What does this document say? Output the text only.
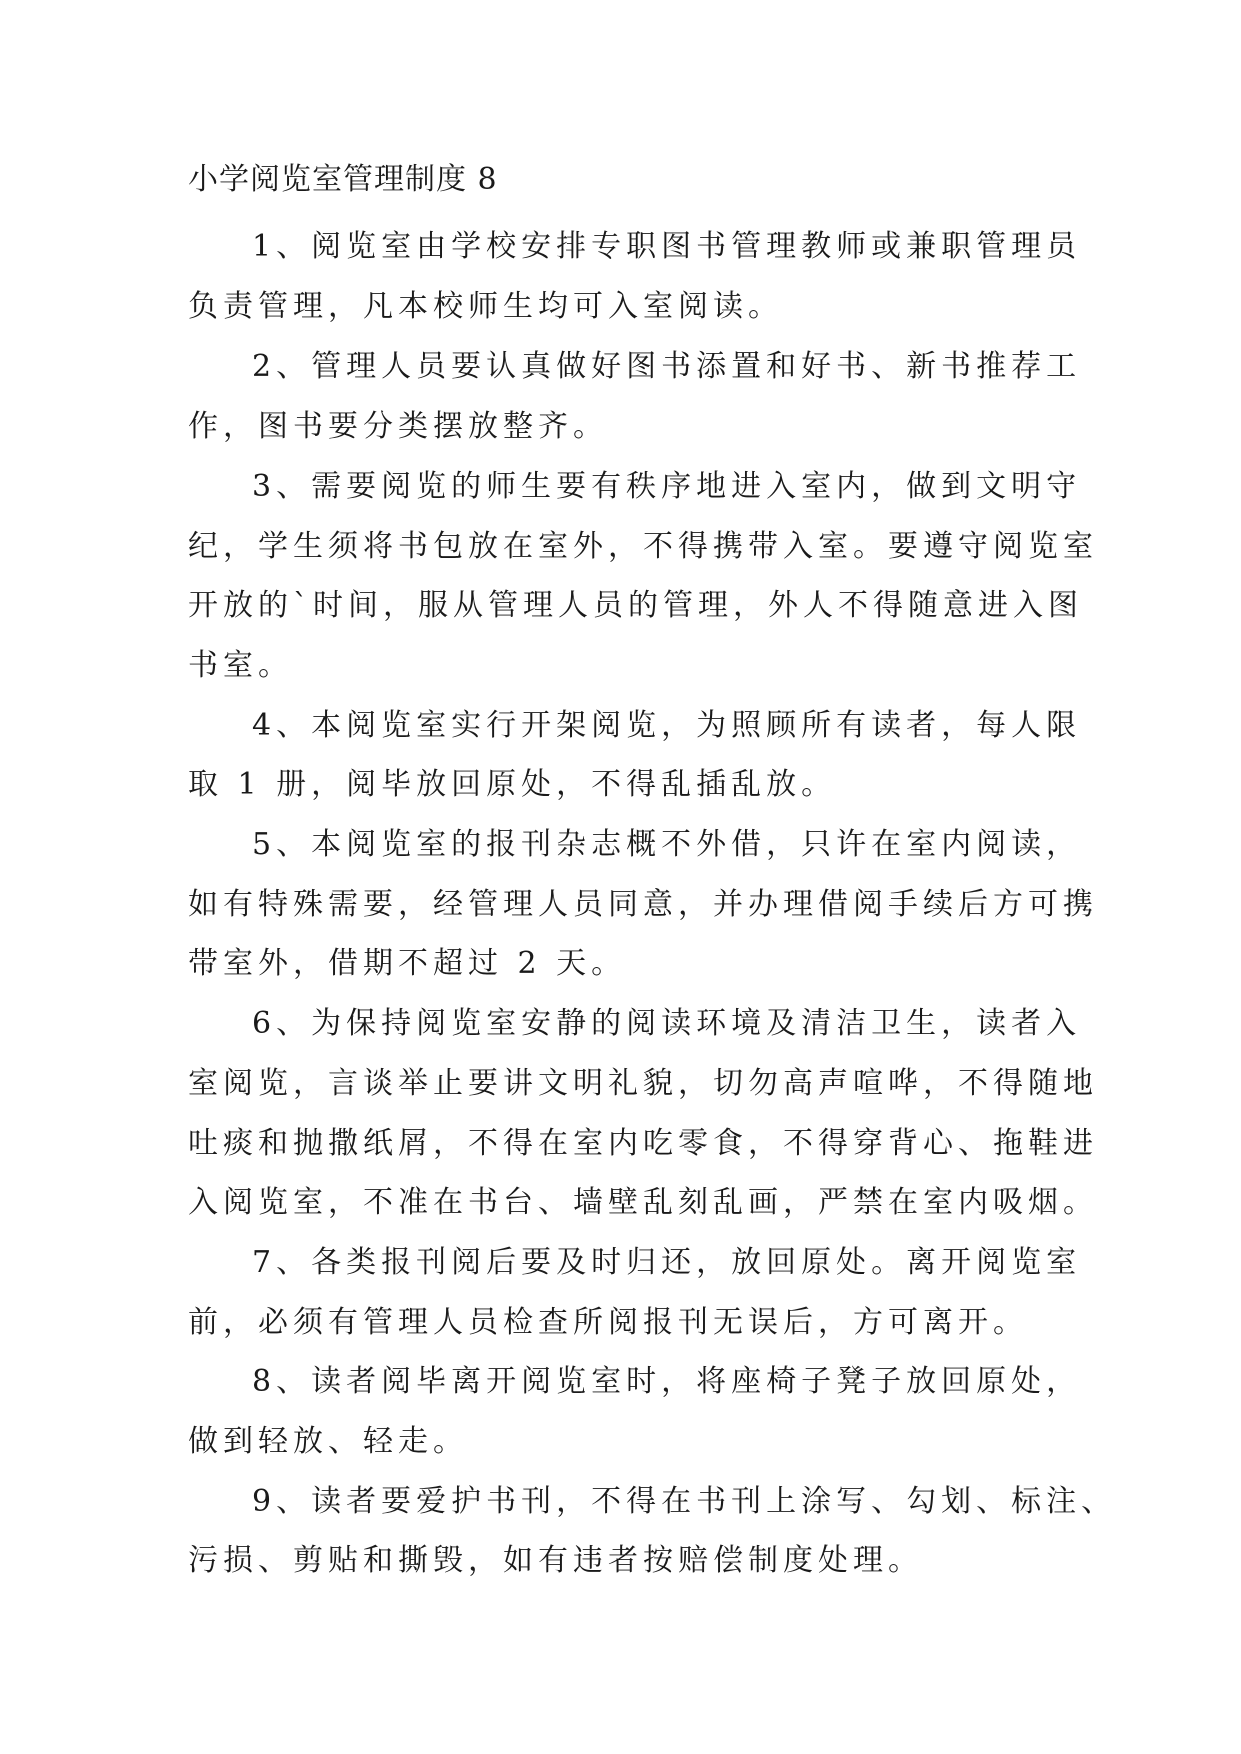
小学阅览室管理制度 8
1、阅览室由学校安排专职图书管理教师或兼职管理员
负责管理，凡本校师生均可入室阅读。
2、管理人员要认真做好图书添置和好书、新书推荐工
作，图书要分类摆放整齐。
3、需要阅览的师生要有秩序地进入室内，做到文明守
纪，学生须将书包放在室外，不得携带入室。要遵守阅览室
开放的`时间，服从管理人员的管理，外人不得随意进入图
书室。
4、本阅览室实行开架阅览，为照顾所有读者，每人限
取 1 册，阅毕放回原处，不得乱插乱放。
5、本阅览室的报刊杂志概不外借，只许在室内阅读，
如有特殊需要，经管理人员同意，并办理借阅手续后方可携
带室外，借期不超过 2 天。
6、为保持阅览室安静的阅读环境及清洁卫生，读者入
室阅览，言谈举止要讲文明礼貌，切勿高声喧哗，不得随地
吐痰和抛撒纸屑，不得在室内吃零食，不得穿背心、拖鞋进
入阅览室，不准在书台、墙壁乱刻乱画，严禁在室内吸烟。
7、各类报刊阅后要及时归还，放回原处。离开阅览室
前，必须有管理人员检查所阅报刊无误后，方可离开。
8、读者阅毕离开阅览室时，将座椅子凳子放回原处，
做到轻放、轻走。
9、读者要爱护书刊，不得在书刊上涂写、勾划、标注、
污损、剪贴和撕毁，如有违者按赔偿制度处理。
